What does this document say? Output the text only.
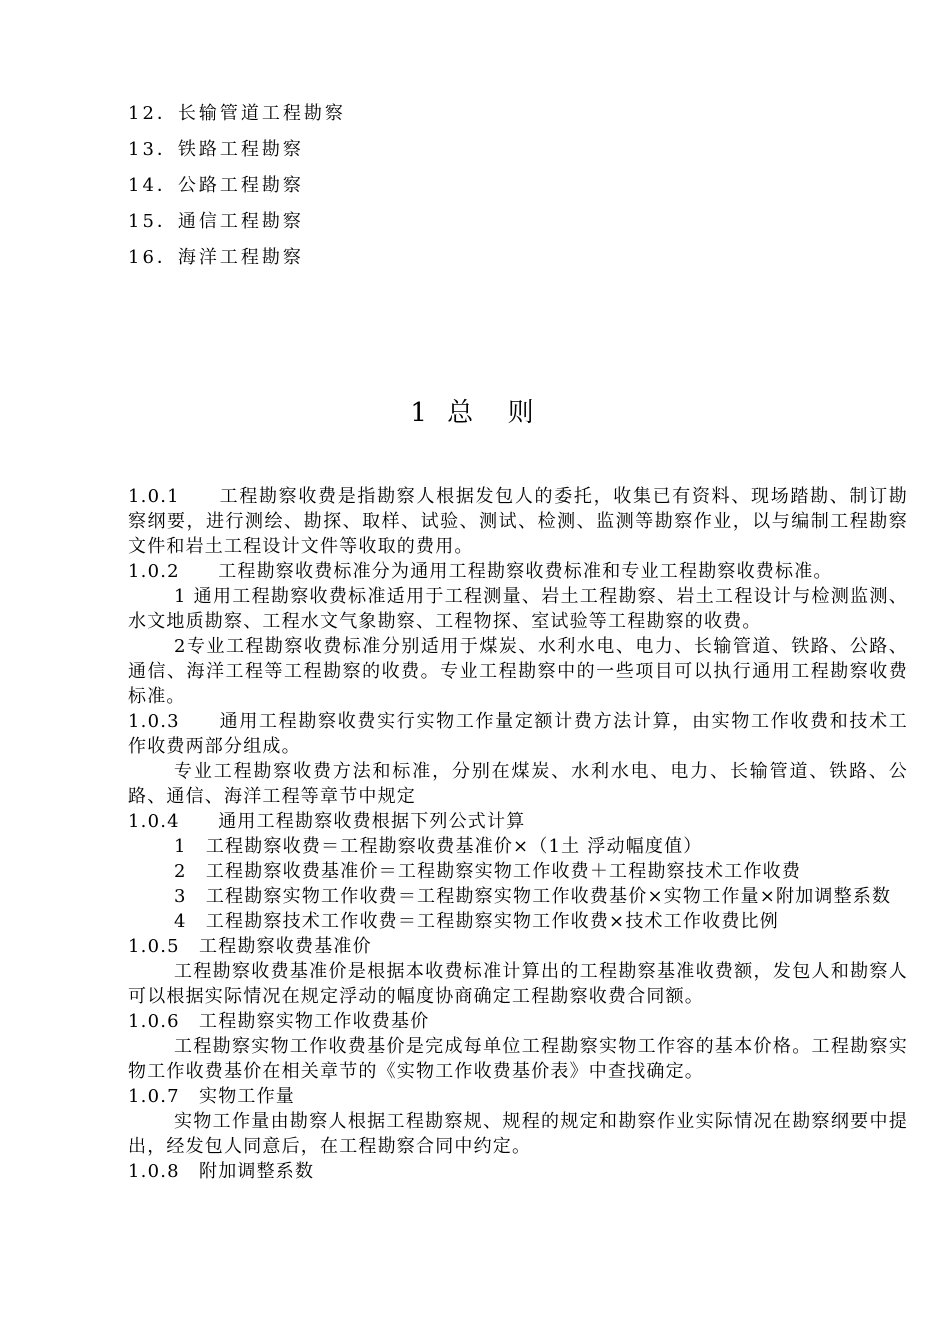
12．长输管道工程勘察
13．铁路工程勘察
14．公路工程勘察
15．通信工程勘察
16．海洋工程勘察
1 总  则

1.0.1　　工程勘察收费是指勘察人根据发包人的委托，收集已有资料、现场踏勘、制订勘察纲要，进行测绘、勘探、取样、试验、测试、检测、监测等勘察作业，以与编制工程勘察文件和岩土工程设计文件等收取的费用。

1.0.2　　工程勘察收费标准分为通用工程勘察收费标准和专业工程勘察收费标准。

1 通用工程勘察收费标准适用于工程测量、岩土工程勘察、岩土工程设计与检测监测、水文地质勘察、工程水文气象勘察、工程物探、室试验等工程勘察的收费。

2专业工程勘察收费标准分别适用于煤炭、水利水电、电力、长输管道、铁路、公路、通信、海洋工程等工程勘察的收费。专业工程勘察中的一些项目可以执行通用工程勘察收费标准。

1.0.3　　通用工程勘察收费实行实物工作量定额计费方法计算，由实物工作收费和技术工作收费两部分组成。

专业工程勘察收费方法和标准，分别在煤炭、水利水电、电力、长输管道、铁路、公路、通信、海洋工程等章节中规定

1.0.4　　通用工程勘察收费根据下列公式计算

1　工程勘察收费＝工程勘察收费基准价×（1土 浮动幅度值）

2　工程勘察收费基准价＝工程勘察实物工作收费＋工程勘察技术工作收费

3　工程勘察实物工作收费＝工程勘察实物工作收费基价×实物工作量×附加调整系数

4　工程勘察技术工作收费＝工程勘察实物工作收费×技术工作收费比例

1.0.5　工程勘察收费基准价

工程勘察收费基准价是根据本收费标准计算出的工程勘察基准收费额，发包人和勘察人可以根据实际情况在规定浮动的幅度协商确定工程勘察收费合同额。

1.0.6　工程勘察实物工作收费基价

工程勘察实物工作收费基价是完成每单位工程勘察实物工作容的基本价格。工程勘察实物工作收费基价在相关章节的《实物工作收费基价表》中查找确定。

1.0.7　实物工作量

实物工作量由勘察人根据工程勘察规、规程的规定和勘察作业实际情况在勘察纲要中提出，经发包人同意后，在工程勘察合同中约定。

1.0.8　附加调整系数
